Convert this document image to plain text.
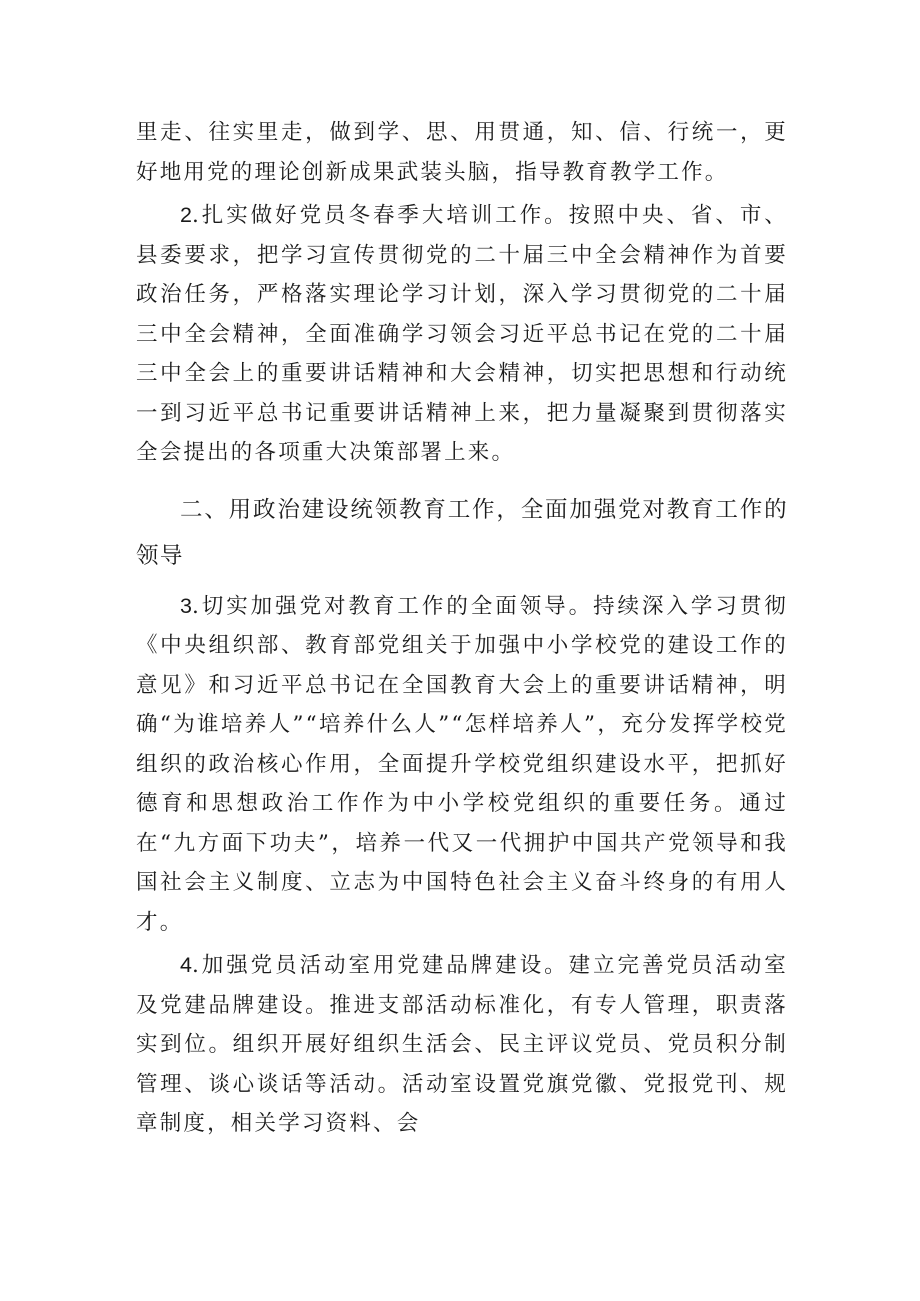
里走、往实里走，做到学、思、用贯通，知、信、行统一，更好地用党的理论创新成果武装头脑，指导教育教学工作。

2.扎实做好党员冬春季大培训工作。按照中央、省、市、县委要求，把学习宣传贯彻党的二十届三中全会精神作为首要政治任务，严格落实理论学习计划，深入学习贯彻党的二十届三中全会精神，全面准确学习领会习近平总书记在党的二十届三中全会上的重要讲话精神和大会精神，切实把思想和行动统一到习近平总书记重要讲话精神上来，把力量凝聚到贯彻落实全会提出的各项重大决策部署上来。

二、用政治建设统领教育工作，全面加强党对教育工作的领导

3.切实加强党对教育工作的全面领导。持续深入学习贯彻《中央组织部、教育部党组关于加强中小学校党的建设工作的意见》和习近平总书记在全国教育大会上的重要讲话精神，明确“为谁培养人”“培养什么人”“怎样培养人”，充分发挥学校党组织的政治核心作用，全面提升学校党组织建设水平，把抓好德育和思想政治工作作为中小学校党组织的重要任务。通过在“九方面下功夫”，培养一代又一代拥护中国共产党领导和我国社会主义制度、立志为中国特色社会主义奋斗终身的有用人才。

4.加强党员活动室用党建品牌建设。建立完善党员活动室及党建品牌建设。推进支部活动标准化，有专人管理，职责落实到位。组织开展好组织生活会、民主评议党员、党员积分制管理、谈心谈话等活动。活动室设置党旗党徽、党报党刊、规章制度，相关学习资料、会
